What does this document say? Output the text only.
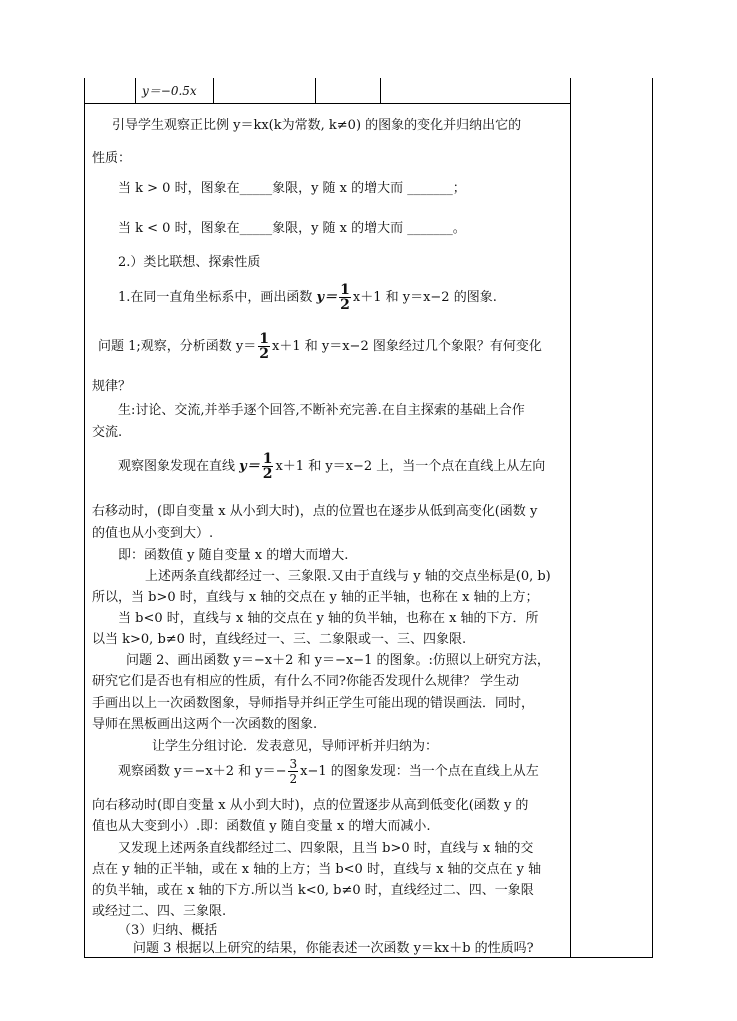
y＝−0.5x
引导学生观察正比例 y＝kx(k为常数, k≠0) 的图象的变化并归纳出它的
性质：
当 k > 0 时，图象在_____象限，y 随 x 的增大而 _______；
当 k < 0 时，图象在_____象限，y 随 x 的增大而 _______。
2.）类比联想、探索性质
1.在同一直角坐标系中，画出函数 $y= \frac{1}{2} x+1$ 和 y＝x−2 的图象.
问题 1;观察，分析函数 $y= \frac{1}{2} x+1$ 和 y＝x−2 图象经过几个象限？有何变化
规律？
生:讨论、交流,并举手逐个回答,不断补充完善.在自主探索的基础上合作
交流.
观察图象发现在直线 $y= \frac{1}{2} x+1$ 和 y＝x−2 上，当一个点在直线上从左向
右移动时，(即自变量 x 从小到大时)，点的位置也在逐步从低到高变化(函数 y
的值也从小变到大）.
即：函数值 y 随自变量 x 的增大而增大.
上述两条直线都经过一、三象限.又由于直线与 y 轴的交点坐标是(0, b)
所以，当 b>0 时，直线与 x 轴的交点在 y 轴的正半轴，也称在 x 轴的上方；
当 b<0 时，直线与 x 轴的交点在 y 轴的负半轴，也称在 x 轴的下方．所
以当 k>0, b≠0 时，直线经过一、三、二象限或一、三、四象限.
问题 2、画出函数 y＝−x＋2 和 y＝−x−1 的图象。:仿照以上研究方法，
研究它们是否也有相应的性质，有什么不同?你能否发现什么规律？ 学生动
手画出以上一次函数图象，导师指导并纠正学生可能出现的错误画法．同时，
导师在黑板画出这两个一次函数的图象.
让学生分组讨论．发表意见，导师评析并归纳为：
观察函数 y＝−x＋2 和 $y=- \frac{3}{2} x-1$ 的图象发现：当一个点在直线上从左
向右移动时(即自变量 x 从小到大时)，点的位置逐步从高到低变化(函数 y 的
值也从大变到小）.即：函数值 y 随自变量 x 的增大而减小.
又发现上述两条直线都经过二、四象限，且当 b>0 时，直线与 x 轴的交
点在 y 轴的正半轴，或在 x 轴的上方；当 b<0 时，直线与 x 轴的交点在 y 轴
的负半轴，或在 x 轴的下方.所以当 k<0, b≠0 时，直线经过二、四、一象限
或经过二、四、三象限.
（3）归纳、概括
问题 3 根据以上研究的结果，你能表述一次函数 y＝kx＋b 的性质吗?
